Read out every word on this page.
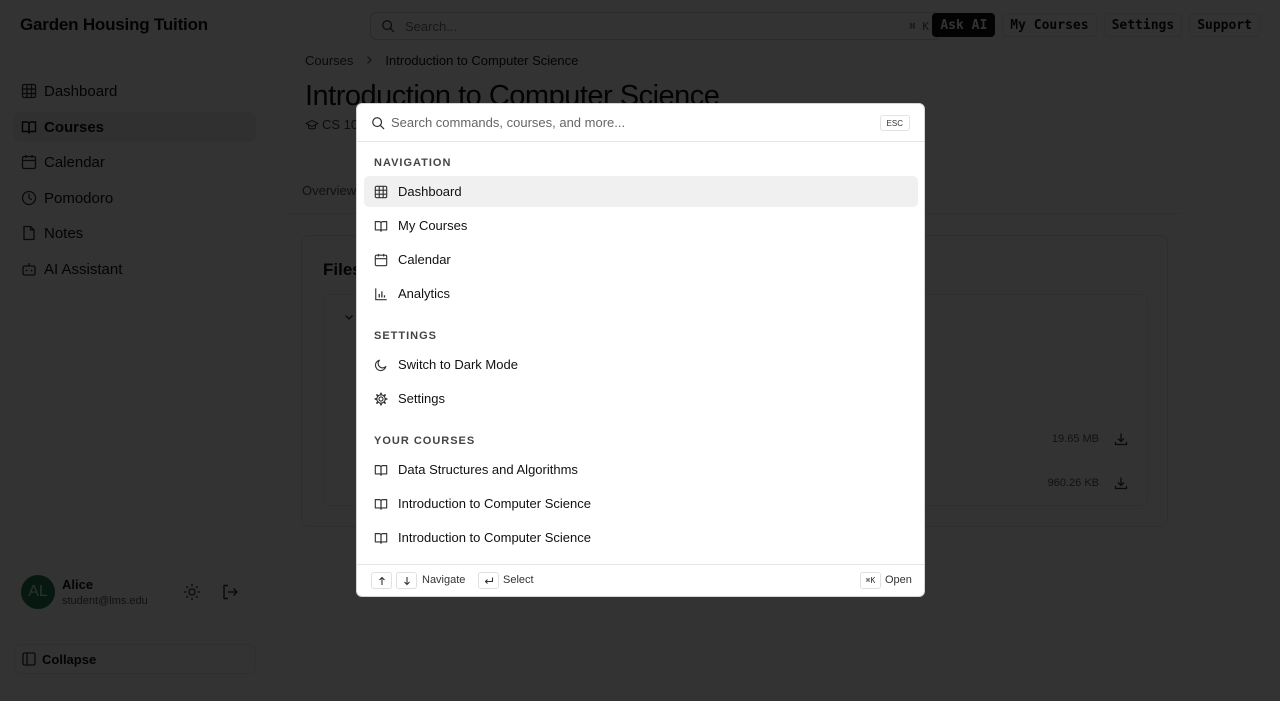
Search...
Search commands, courses, and more...
ESC
NAVIGATION
Dashboard
My Courses
Calendar
Analytics
SETTINGS
Switch to Dark Mode
Settings
YOUR COURSES
Data Structures and Algorithms
Introduction to Computer Science
Introduction to Computer Science
Navigate	Select	⌘K Open
